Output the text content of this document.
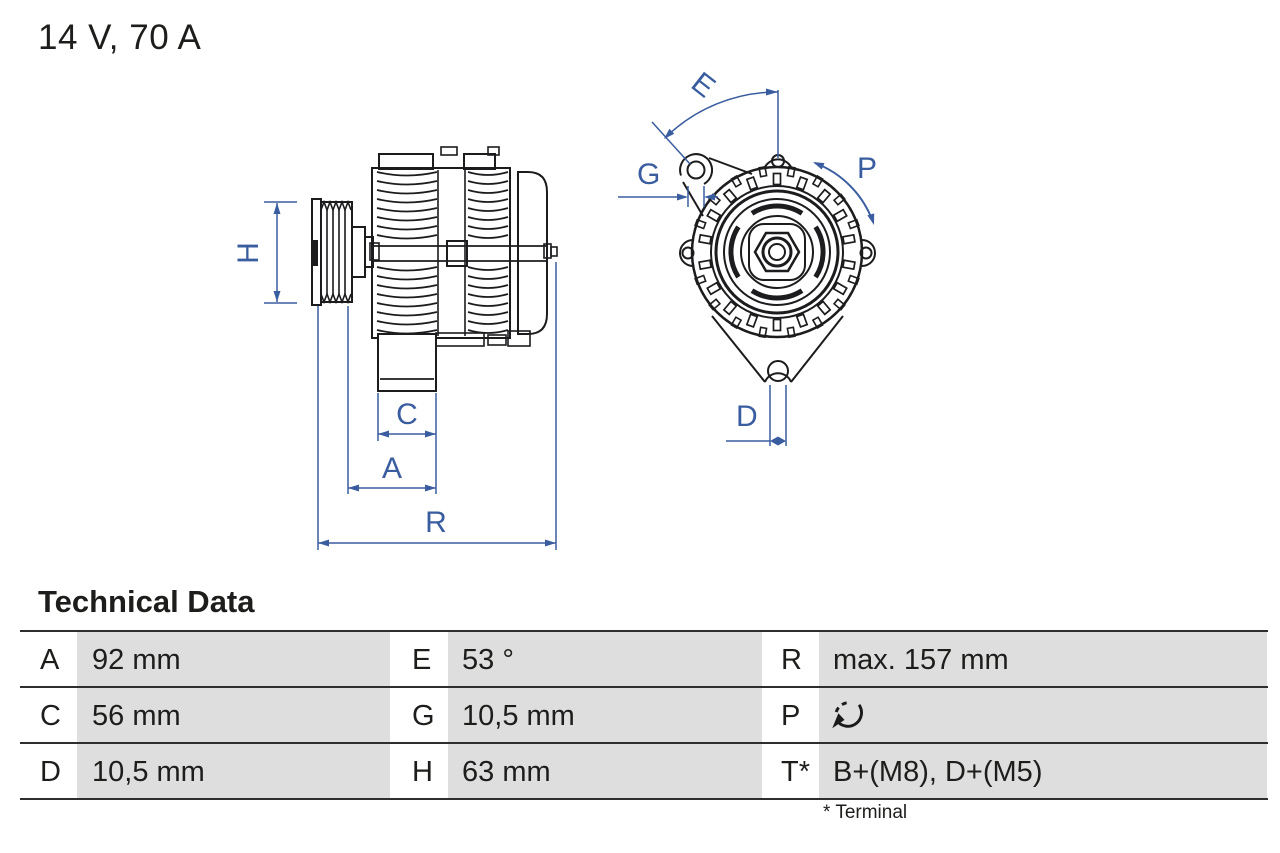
14 V, 70 A
H
C
A
R
E
G	P
D
Technical Data
A 92 mm	E 53 °	R max. 157 mm
C 56 mm	G 10,5 mm	P
D 10,5 mm	H 63 mm	T* B+(M8), D+(M5)
* Terminal
